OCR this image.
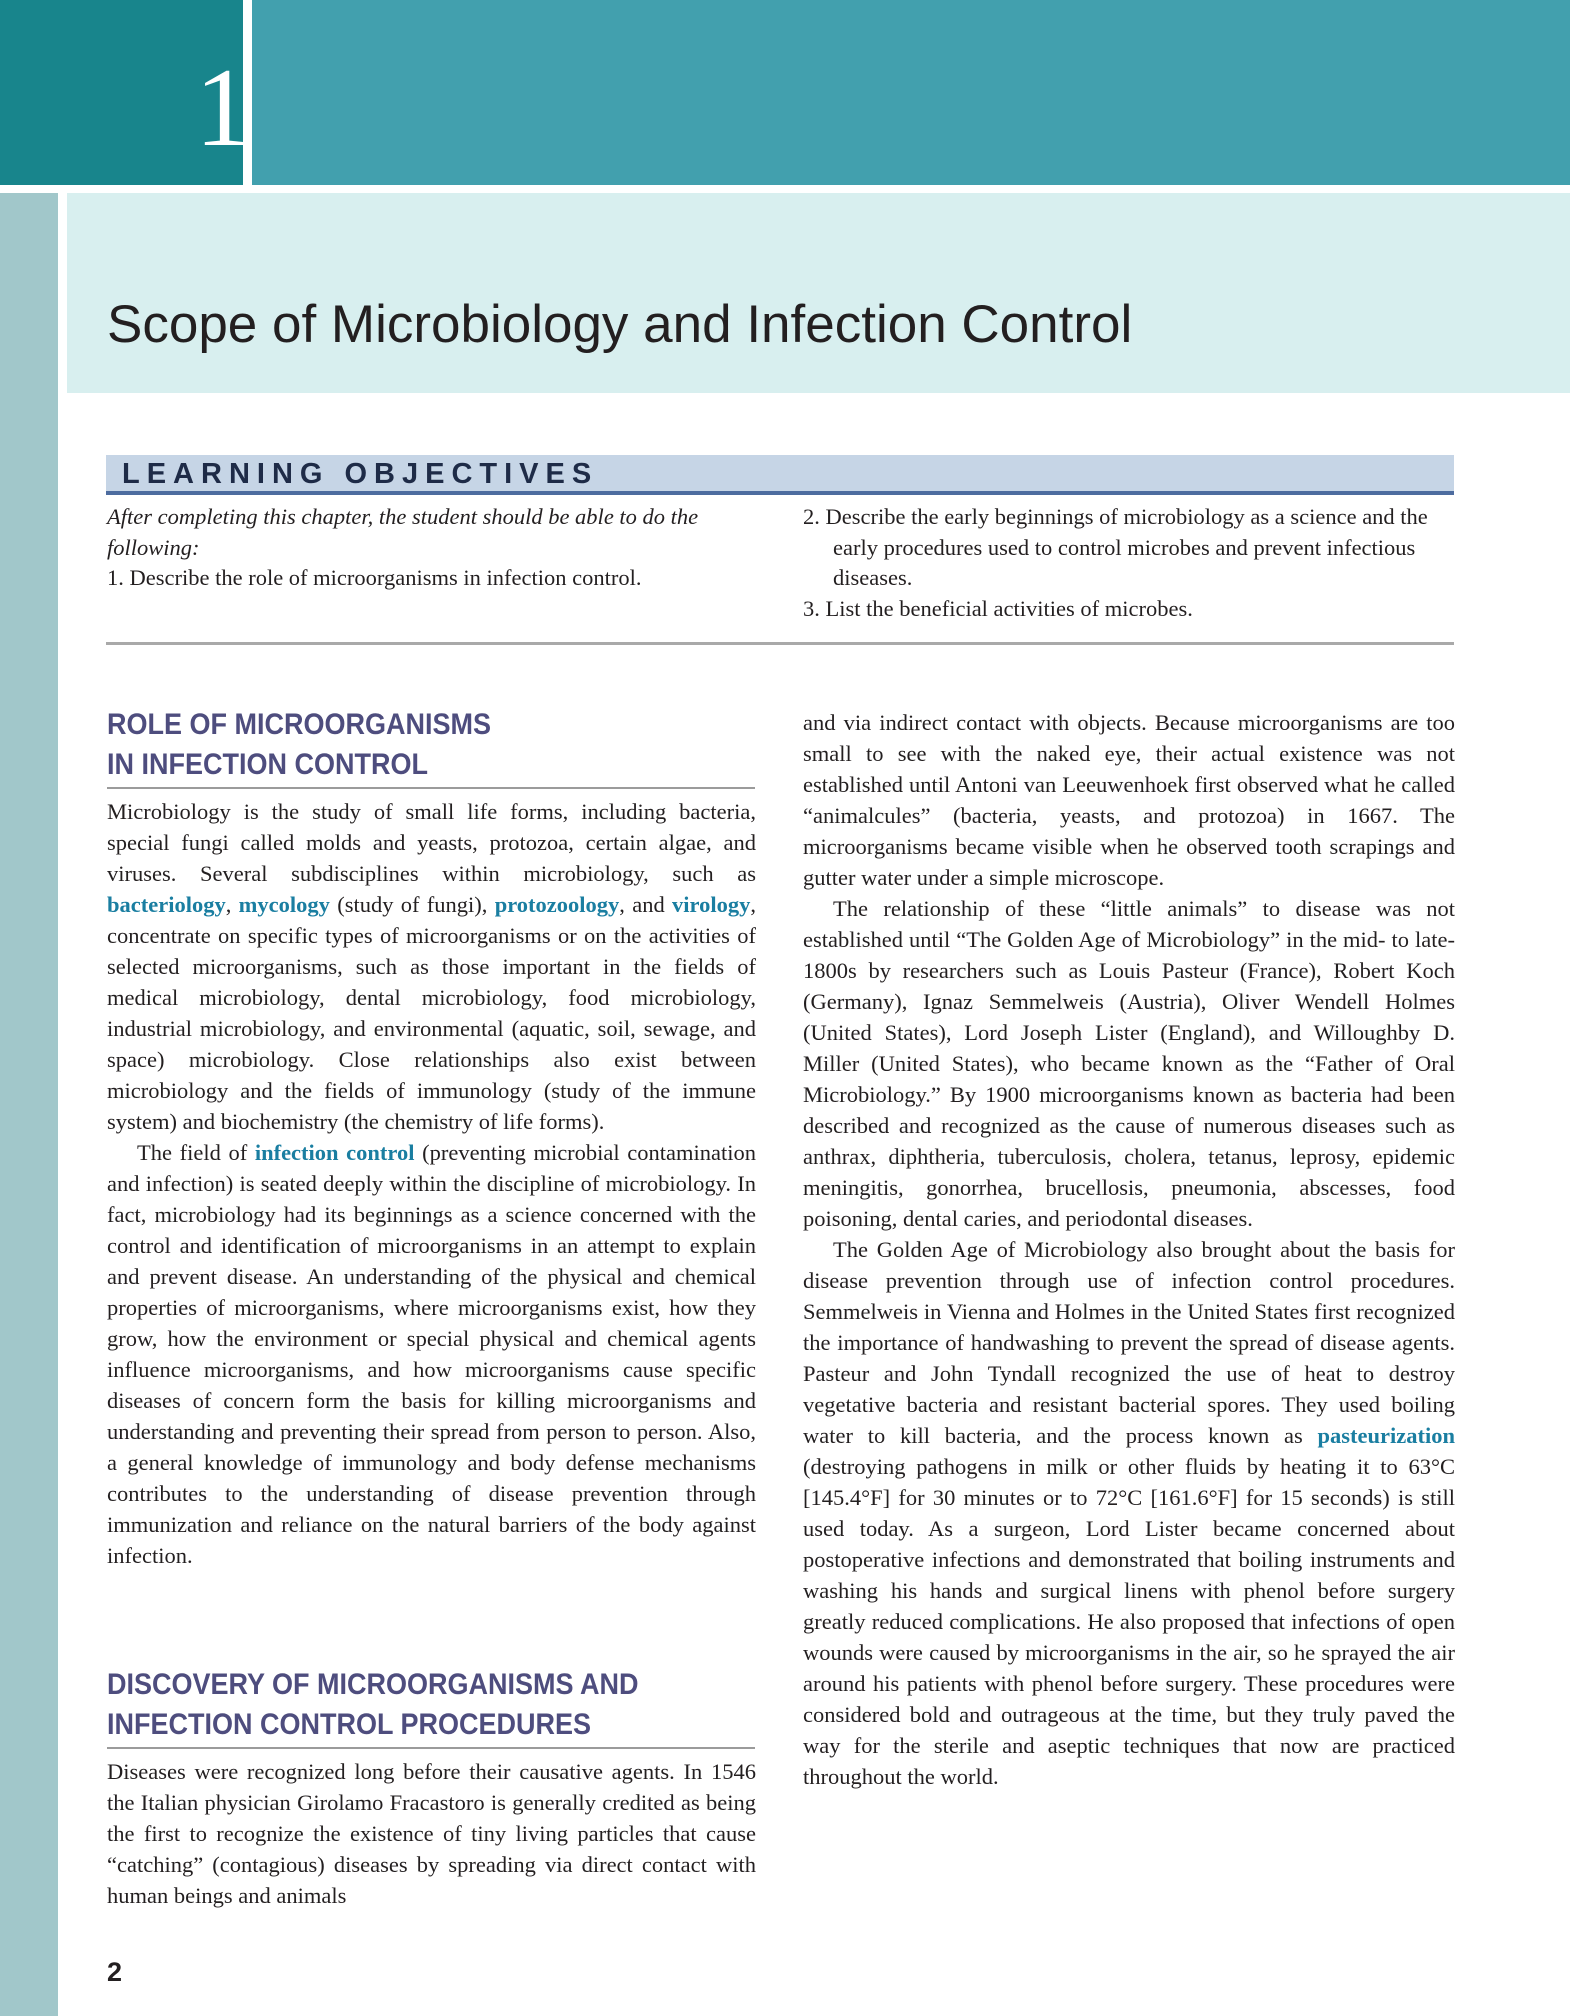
1
Scope of Microbiology and Infection Control
LEARNING OBJECTIVES
After completing this chapter, the student should be able to do the following:
1. Describe the role of microorganisms in infection control.
2. Describe the early beginnings of microbiology as a science and the early procedures used to control microbes and prevent infectious diseases.
3. List the beneficial activities of microbes.
ROLE OF MICROORGANISMS
IN INFECTION CONTROL

Microbiology is the study of small life forms, including bacteria, special fungi called molds and yeasts, protozoa, certain algae, and viruses. Several subdisciplines within microbiology, such as bacteriology, mycology (study of fungi), protozoology, and virology, concentrate on specific types of microorganisms or on the activities of selected microorganisms, such as those important in the fields of medical microbiology, dental microbiology, food microbiology, industrial microbiology, and environmental (aquatic, soil, sewage, and space) microbiology. Close relationships also exist between microbiology and the fields of immunology (study of the immune system) and biochemistry (the chemistry of life forms).

The field of infection control (preventing microbial contamination and infection) is seated deeply within the discipline of microbiology. In fact, microbiology had its beginnings as a science concerned with the control and identification of microorganisms in an attempt to explain and prevent disease. An understanding of the physical and chemical properties of microorganisms, where microorganisms exist, how they grow, how the environment or special physical and chemical agents influence microorganisms, and how microorganisms cause specific diseases of concern form the basis for killing microorganisms and understanding and preventing their spread from person to person. Also, a general knowledge of immunology and body defense mechanisms contributes to the understanding of disease prevention through immunization and reliance on the natural barriers of the body against infection.

DISCOVERY OF MICROORGANISMS AND
INFECTION CONTROL PROCEDURES

Diseases were recognized long before their causative agents. In 1546 the Italian physician Girolamo Fracastoro is generally credited as being the first to recognize the existence of tiny living particles that cause “catching” (contagious) diseases by spreading via direct contact with human beings and animals

and via indirect contact with objects. Because microorganisms are too small to see with the naked eye, their actual existence was not established until Antoni van Leeuwenhoek first observed what he called “animalcules” (bacteria, yeasts, and protozoa) in 1667. The microorganisms became visible when he observed tooth scrapings and gutter water under a simple microscope.

The relationship of these “little animals” to disease was not established until “The Golden Age of Microbiology” in the mid- to late-1800s by researchers such as Louis Pasteur (France), Robert Koch (Germany), Ignaz Semmelweis (Austria), Oliver Wendell Holmes (United States), Lord Joseph Lister (England), and Willoughby D. Miller (United States), who became known as the “Father of Oral Microbiology.” By 1900 microorganisms known as bacteria had been described and recognized as the cause of numerous diseases such as anthrax, diphtheria, tuberculosis, cholera, tetanus, leprosy, epidemic meningitis, gonorrhea, brucellosis, pneumonia, abscesses, food poisoning, dental caries, and periodontal diseases.

The Golden Age of Microbiology also brought about the basis for disease prevention through use of infection control procedures. Semmelweis in Vienna and Holmes in the United States first recognized the importance of handwashing to prevent the spread of disease agents. Pasteur and John Tyndall recognized the use of heat to destroy vegetative bacteria and resistant bacterial spores. They used boiling water to kill bacteria, and the process known as pasteurization (destroying pathogens in milk or other fluids by heating it to 63°C [145.4°F] for 30 minutes or to 72°C [161.6°F] for 15 seconds) is still used today. As a surgeon, Lord Lister became concerned about postoperative infections and demonstrated that boiling instruments and washing his hands and surgical linens with phenol before surgery greatly reduced complications. He also proposed that infections of open wounds were caused by microorganisms in the air, so he sprayed the air around his patients with phenol before surgery. These procedures were considered bold and outrageous at the time, but they truly paved the way for the sterile and aseptic techniques that now are practiced throughout the world.

2
